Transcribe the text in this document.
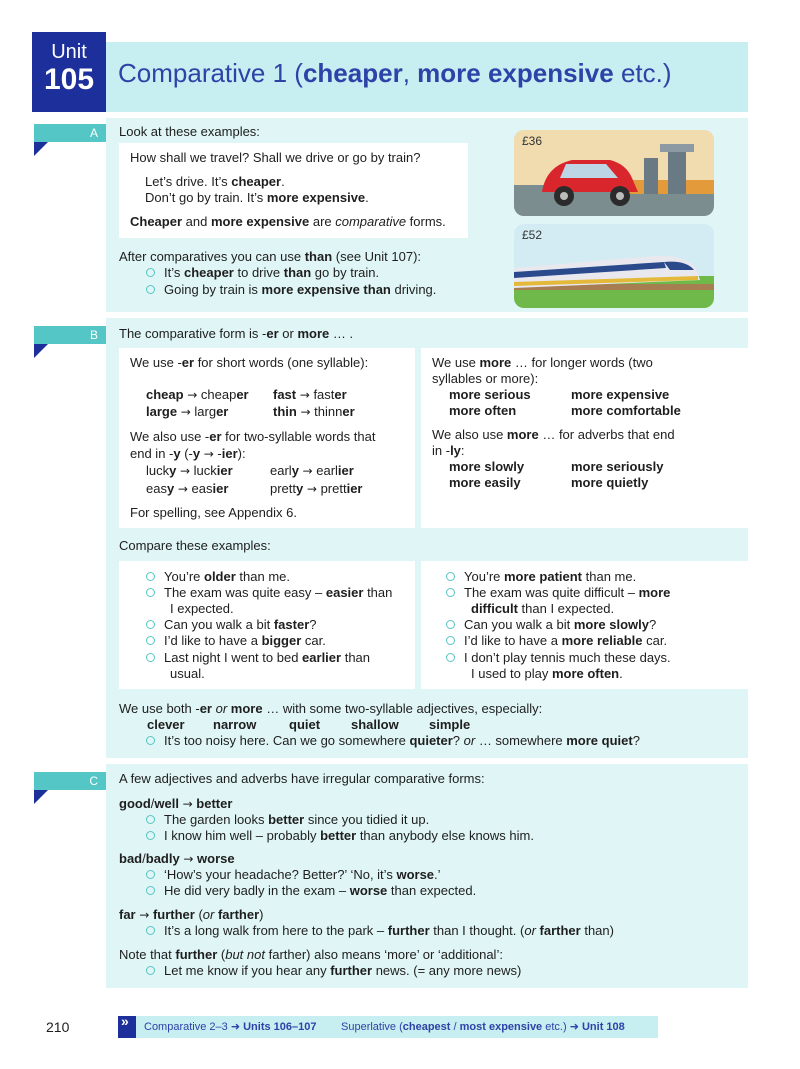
Unit
105 Comparative 1 (cheaper, more expensive etc.)
A	Look at these examples:
How shall we travel? Shall we drive or go by train?
Let’s drive. It’s cheaper.
Don’t go by train. It’s more expensive.
Cheaper and more expensive are comparative forms.
After comparatives you can use than (see Unit 107):
It’s cheaper to drive than go by train.
Going by train is more expensive than driving.
£36
£52
B	The comparative form is -er or more … .
We use -er for short words (one syllable):
cheap → cheaper fast → faster
large → larger	thin → thinner
We also use -er for two-syllable words that
end in -y (-y → -ier):
lucky → luckier	early → earlier
easy → easier	pretty → prettier
For spelling, see Appendix 6.
We use more … for longer words (two
syllables or more):
more serious	more expensive
more often	more comfortable
We also use more … for adverbs that end
in -ly:
more slowly	more seriously
more easily	more quietly
Compare these examples:
You’re older than me.
The exam was quite easy – easier than
I expected.
Can you walk a bit faster?
I’d like to have a bigger car.
Last night I went to bed earlier than
usual.
You’re more patient than me.
The exam was quite difficult – more
difficult than I expected.
Can you walk a bit more slowly?
I’d like to have a more reliable car.
I don’t play tennis much these days.
I used to play more often.
We use both -er or more … with some two-syllable adjectives, especially:
clever narrow	quiet shallow simple
It’s too noisy here. Can we go somewhere quieter? or … somewhere more quiet?
C	A few adjectives and adverbs have irregular comparative forms:
good/well → better
The garden looks better since you tidied it up.
I know him well – probably better than anybody else knows him.
bad/badly → worse
‘How’s your headache? Better?’ ‘No, it’s worse.’
He did very badly in the exam – worse than expected.
far → further (or farther)
It’s a long walk from here to the park – further than I thought. (or farther than)
Note that further (but not farther) also means ‘more’ or ‘additional’:
Let me know if you hear any further news. (= any more news)
210	» Comparative 2–3 ➜ Units 106–107 Superlative (cheapest / most expensive etc.) ➜ Unit 108
